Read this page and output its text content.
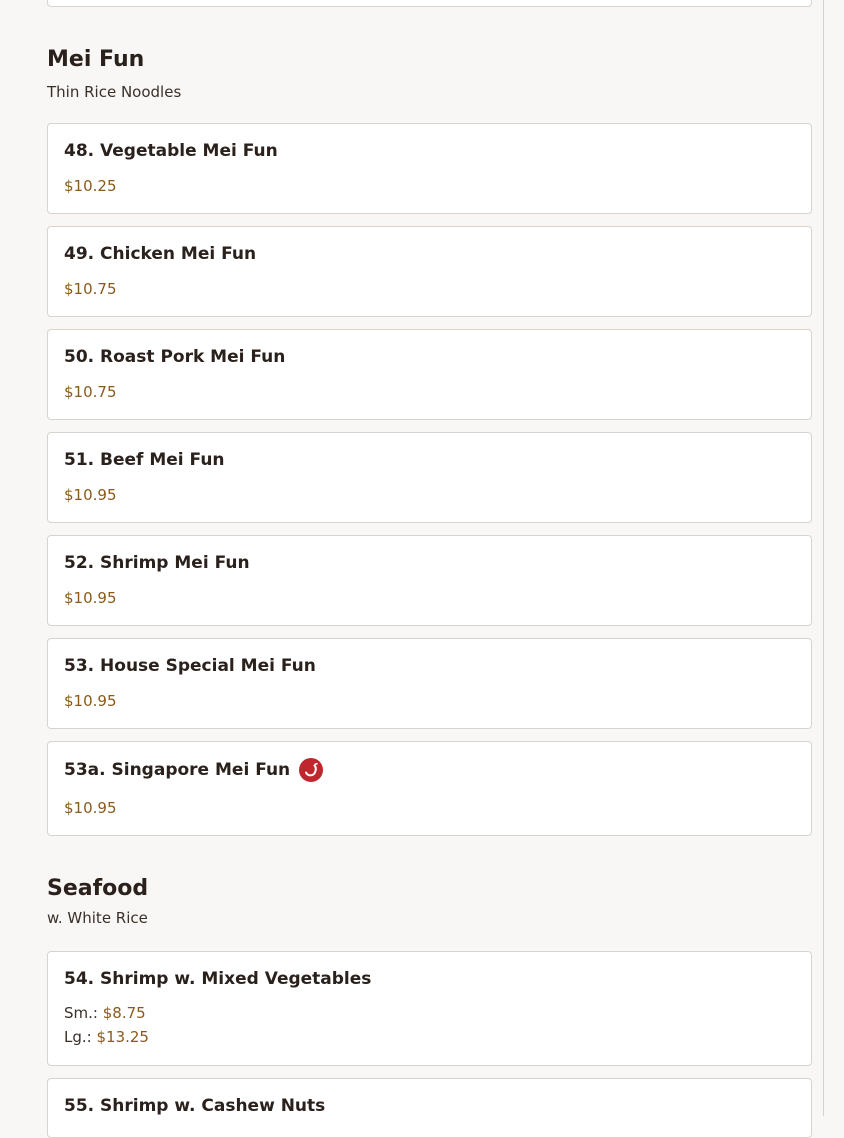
Mei Fun

Thin Rice Noodles

48. Vegetable Mei Fun
$10.25
49. Chicken Mei Fun
$10.75
50. Roast Pork Mei Fun
$10.75
51. Beef Mei Fun
$10.95
52. Shrimp Mei Fun
$10.95
53. House Special Mei Fun
$10.95
53a. Singapore Mei Fun
$10.95
Seafood

w. White Rice

54. Shrimp w. Mixed Vegetables
Sm.: $8.75
Lg.: $13.25
55. Shrimp w. Cashew Nuts
